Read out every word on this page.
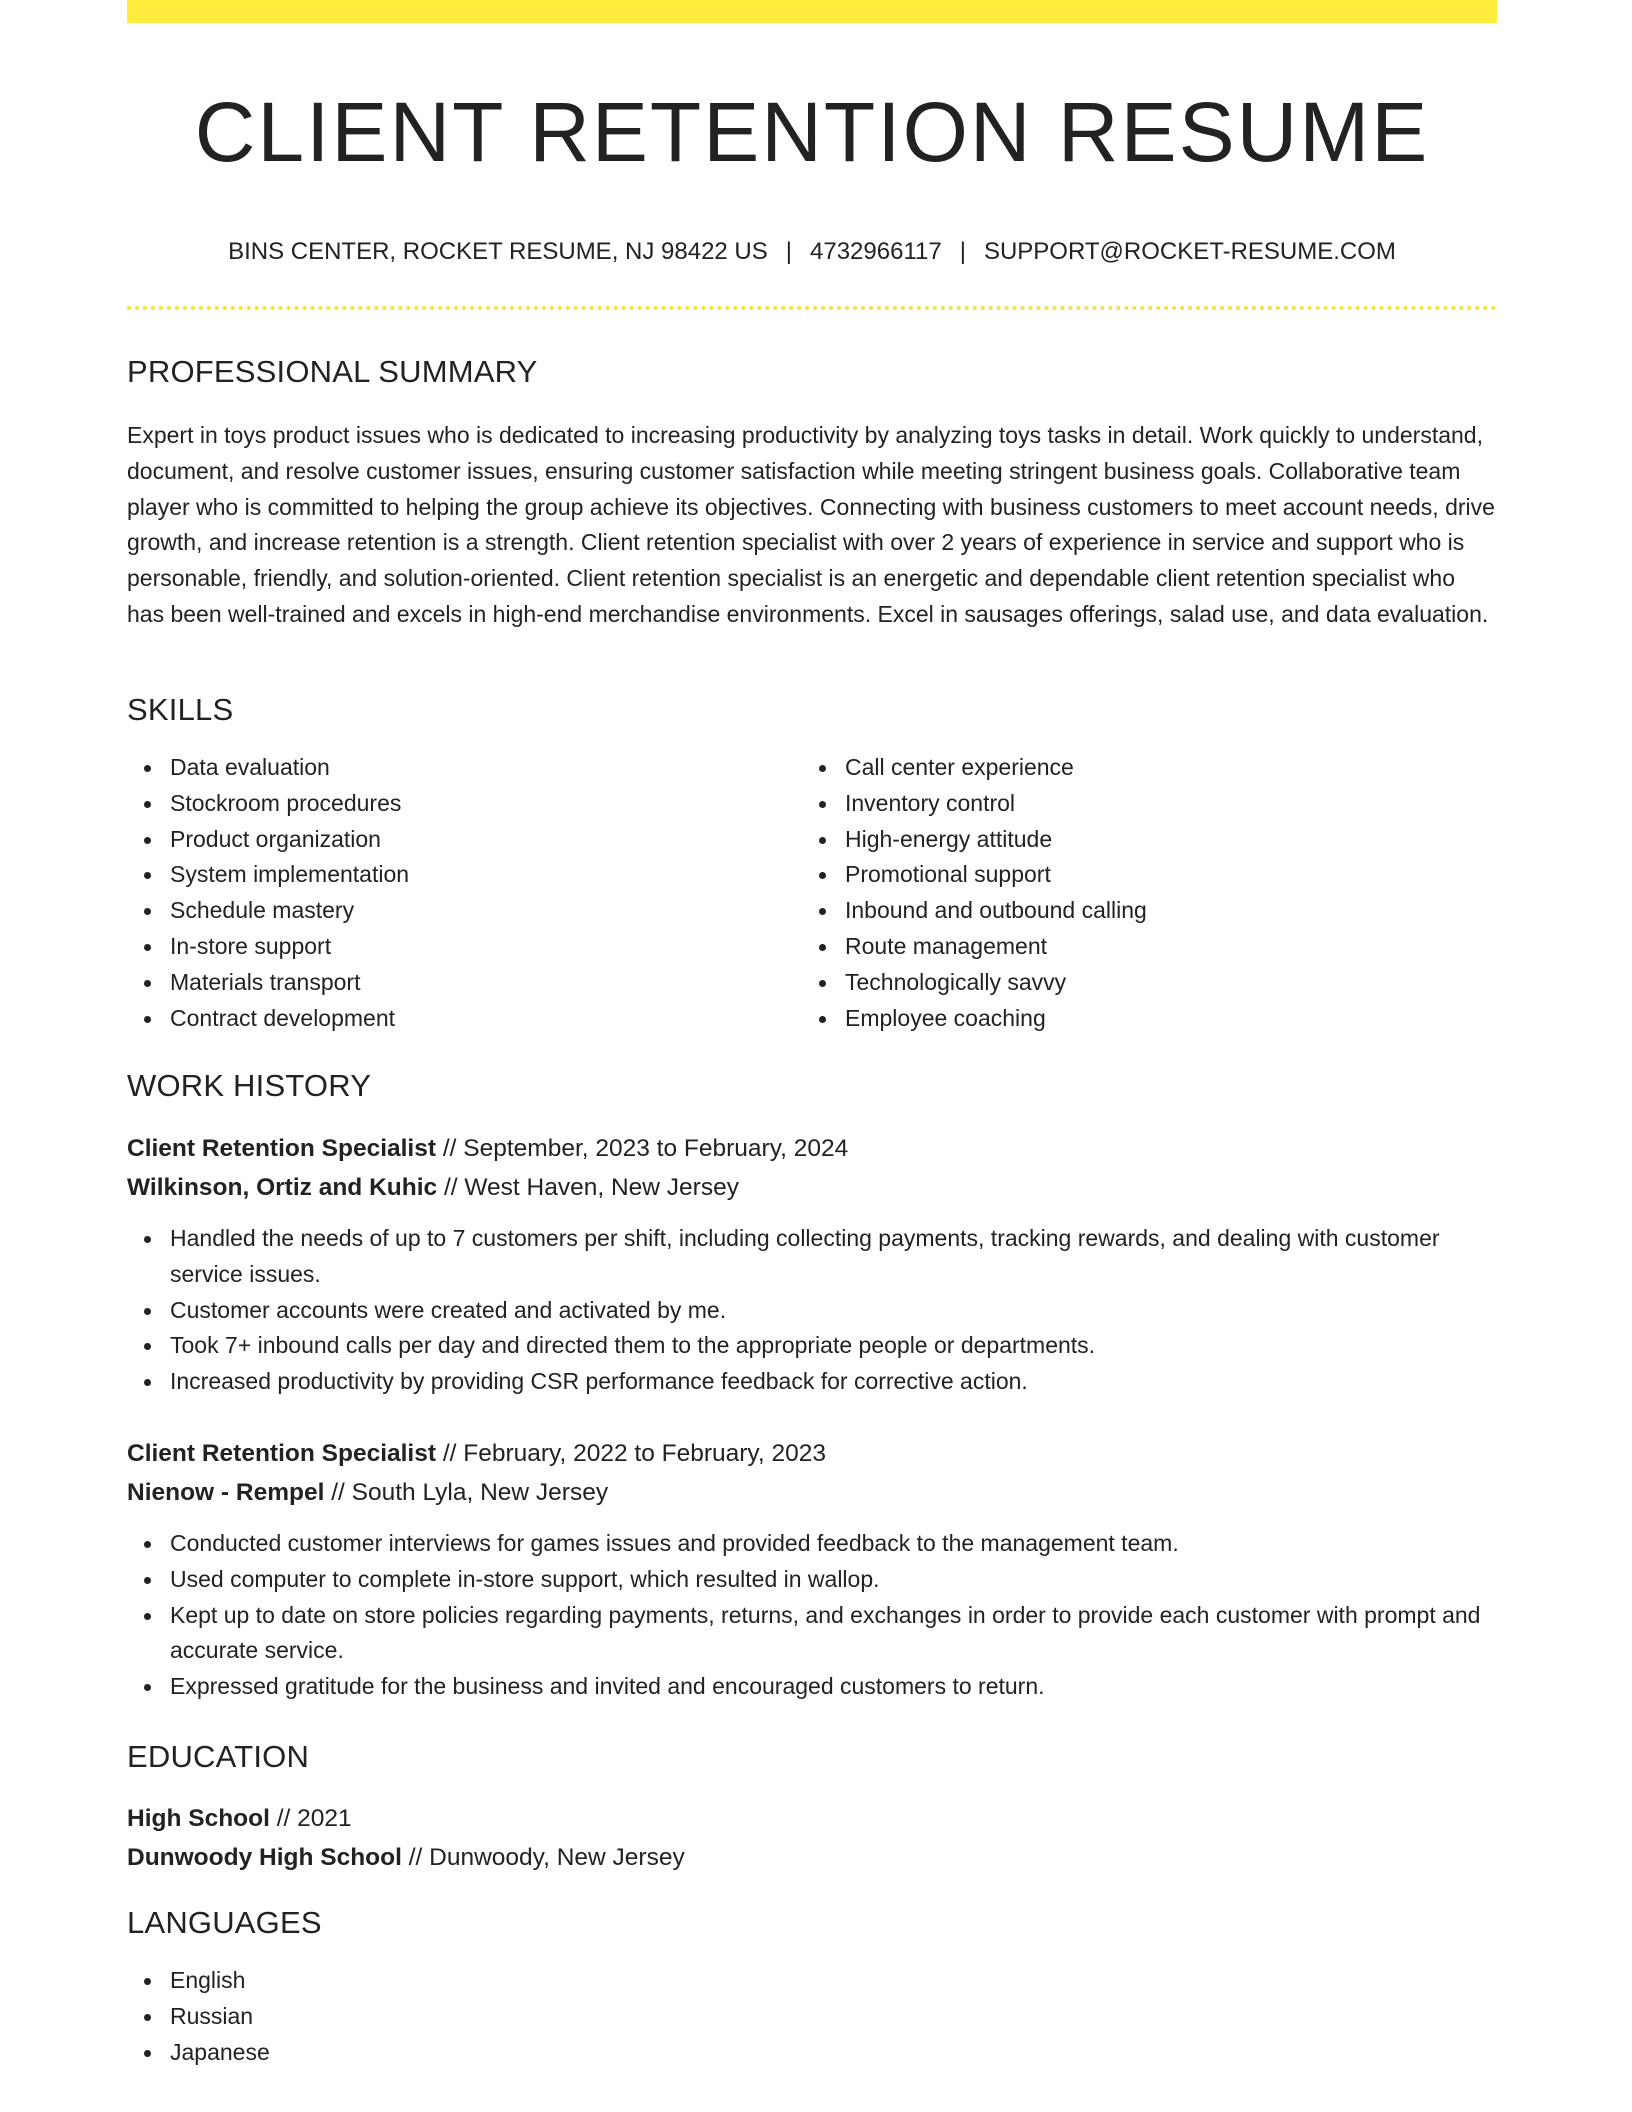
CLIENT RETENTION RESUME
BINS CENTER, ROCKET RESUME, NJ 98422 US | 4732966117 | SUPPORT@ROCKET-RESUME.COM
PROFESSIONAL SUMMARY

Expert in toys product issues who is dedicated to increasing productivity by analyzing toys tasks in detail. Work quickly to understand, document, and resolve customer issues, ensuring customer satisfaction while meeting stringent business goals. Collaborative team player who is committed to helping the group achieve its objectives. Connecting with business customers to meet account needs, drive growth, and increase retention is a strength. Client retention specialist with over 2 years of experience in service and support who is personable, friendly, and solution-oriented. Client retention specialist is an energetic and dependable client retention specialist who has been well-trained and excels in high-end merchandise environments. Excel in sausages offerings, salad use, and data evaluation.

SKILLS
Data evaluation
Stockroom procedures
Product organization
System implementation
Schedule mastery
In-store support
Materials transport
Contract development
Call center experience
Inventory control
High-energy attitude
Promotional support
Inbound and outbound calling
Route management
Technologically savvy
Employee coaching
WORK HISTORY
Client Retention Specialist // September, 2023 to February, 2024
Wilkinson, Ortiz and Kuhic // West Haven, New Jersey
Handled the needs of up to 7 customers per shift, including collecting payments, tracking rewards, and dealing with customer service issues.
Customer accounts were created and activated by me.
Took 7+ inbound calls per day and directed them to the appropriate people or departments.
Increased productivity by providing CSR performance feedback for corrective action.
Client Retention Specialist // February, 2022 to February, 2023
Nienow - Rempel // South Lyla, New Jersey
Conducted customer interviews for games issues and provided feedback to the management team.
Used computer to complete in-store support, which resulted in wallop.
Kept up to date on store policies regarding payments, returns, and exchanges in order to provide each customer with prompt and accurate service.
Expressed gratitude for the business and invited and encouraged customers to return.
EDUCATION
High School // 2021
Dunwoody High School // Dunwoody, New Jersey
LANGUAGES
English
Russian
Japanese
